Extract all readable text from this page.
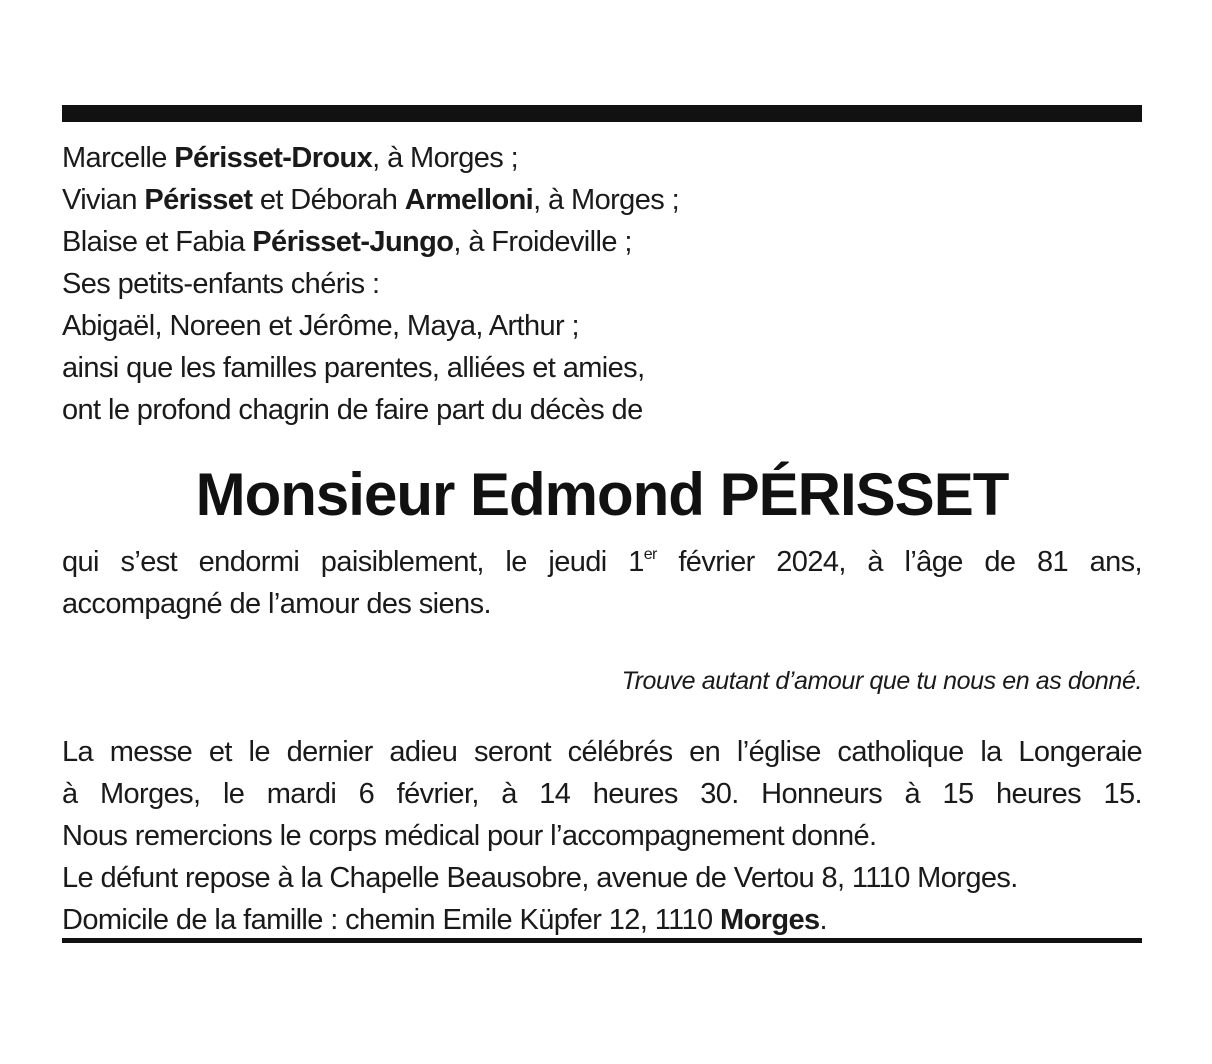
Marcelle Périsset-Droux, à Morges ;
Vivian Périsset et Déborah Armelloni, à Morges ;
Blaise et Fabia Périsset-Jungo, à Froideville ;
Ses petits-enfants chéris :
Abigaël, Noreen et Jérôme, Maya, Arthur ;
ainsi que les familles parentes, alliées et amies,
ont le profond chagrin de faire part du décès de
Monsieur Edmond PÉRISSET
qui s’est endormi paisiblement, le jeudi 1er février 2024, à l’âge de 81 ans,
accompagné de l’amour des siens.
Trouve autant d’amour que tu nous en as donné.
La messe et le dernier adieu seront célébrés en l’église catholique la Longeraie
à Morges, le mardi 6 février, à 14 heures 30. Honneurs à 15 heures 15.
Nous remercions le corps médical pour l’accompagnement donné.
Le défunt repose à la Chapelle Beausobre, avenue de Vertou 8, 1110 Morges.
Domicile de la famille : chemin Emile Küpfer 12, 1110 Morges.
